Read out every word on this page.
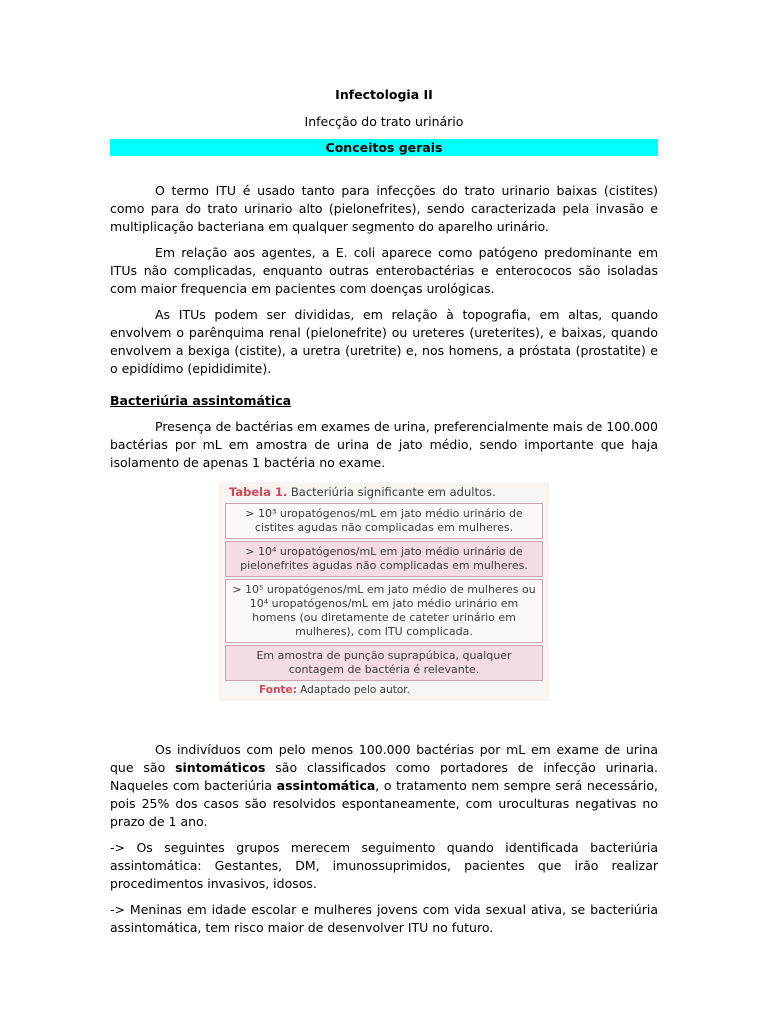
Infectologia II

Infecção do trato urinário

Conceitos gerais

O termo ITU é usado tanto para infecções do trato urinario baixas (cistites) como para do trato urinario alto (pielonefrites), sendo caracterizada pela invasão e multiplicação bacteriana em qualquer segmento do aparelho urinário.

Em relação aos agentes, a E. coli aparece como patógeno predominante em ITUs não complicadas, enquanto outras enterobactérias e enterococos são isoladas com maior frequencia em pacientes com doenças urológicas.

As ITUs podem ser divididas, em relação à topografia, em altas, quando envolvem o parênquima renal (pielonefrite) ou ureteres (ureterites), e baixas, quando envolvem a bexiga (cistite), a uretra (uretrite) e, nos homens, a próstata (prostatite) e o epidídimo (epididimite).

Bacteriúria assintomática

Presença de bactérias em exames de urina, preferencialmente mais de 100.000 bactérias por mL em amostra de urina de jato médio, sendo importante que haja isolamento de apenas 1 bactéria no exame.

Tabela 1. Bacteriúria significante em adultos.
> 10³ uropatógenos/mL em jato médio urinário de cistites agudas não complicadas em mulheres.
> 10⁴ uropatógenos/mL em jato médio urinário de pielonefrites agudas não complicadas em mulheres.
> 10⁵ uropatógenos/mL em jato médio de mulheres ou 10⁴ uropatógenos/mL em jato médio urinário em homens (ou diretamente de cateter urinário em mulheres), com ITU complicada.
Em amostra de punção suprapúbica, qualquer contagem de bactéria é relevante.
Fonte: Adaptado pelo autor.

Os indivíduos com pelo menos 100.000 bactérias por mL em exame de urina que são sintomáticos são classificados como portadores de infecção urinaria. Naqueles com bacteriúria assintomática, o tratamento nem sempre será necessário, pois 25% dos casos são resolvidos espontaneamente, com uroculturas negativas no prazo de 1 ano.

-> Os seguintes grupos merecem seguimento quando identificada bacteriúria assintomática: Gestantes, DM, imunossuprimidos, pacientes que irão realizar procedimentos invasivos, idosos.

-> Meninas em idade escolar e mulheres jovens com vida sexual ativa, se bacteriúria assintomática, tem risco maior de desenvolver ITU no futuro.
